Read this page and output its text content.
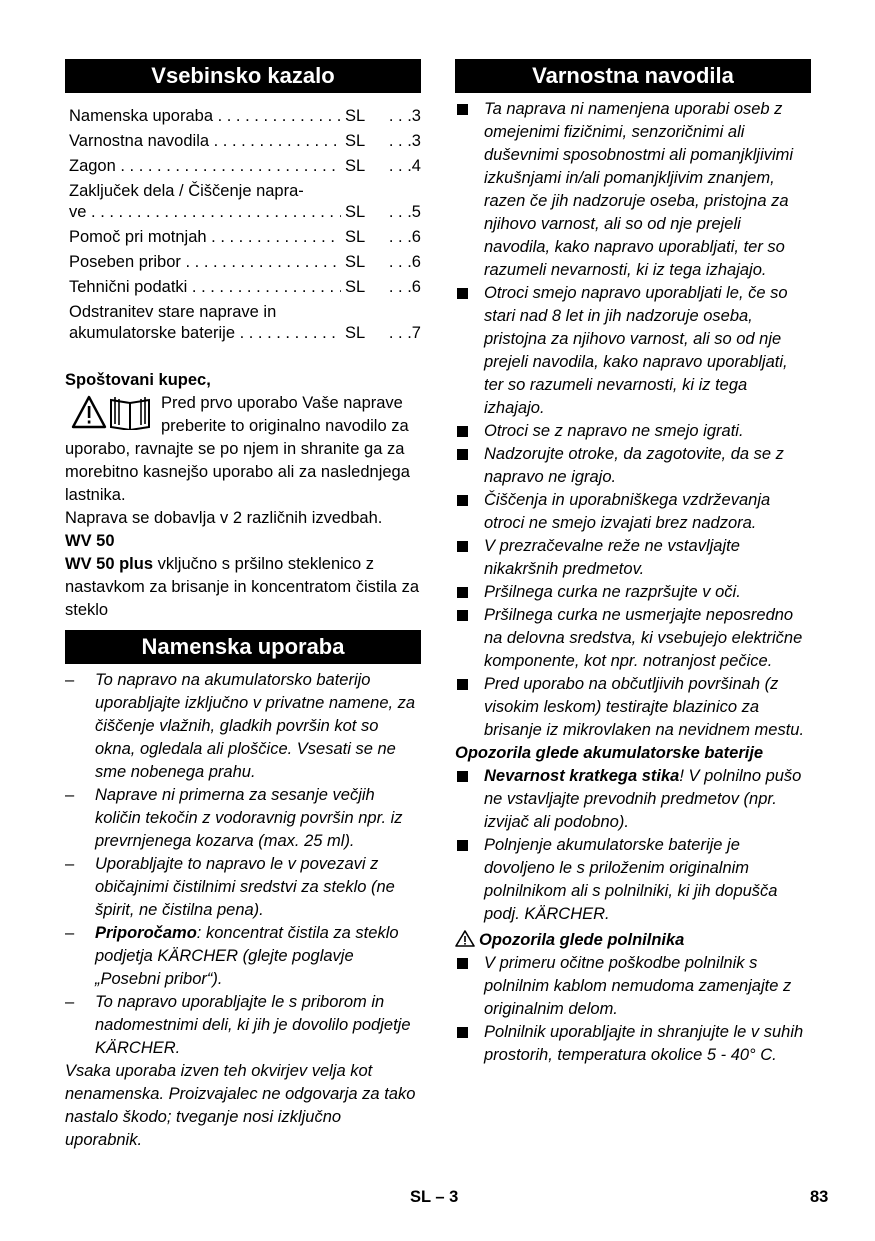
Vsebinsko kazalo
Namenska uporaba . . .	SL	. . .3
Varnostna navodila . . .	SL	. . .3
Zagon . . .	SL	. . .4
Zaključek dela / Čiščenje napra-
ve . . .	SL	. . .5
Pomoč pri motnjah . . .	SL	. . .6
Poseben pribor . . .	SL	. . .6
Tehnični podatki . . .	SL	. . .6
Odstranitev stare naprave in
akumulatorske baterije . . .	SL	. . .7

Spoštovani kupec,

Pred prvo uporabo Vaše naprave preberite to originalno navodilo za uporabo, ravnajte se po njem in shranite ga za morebitno kasnejšo uporabo ali za naslednjega lastnika.

Naprava se dobavlja v 2 različnih izvedbah.

WV 50

WV 50 plus vključno s pršilno steklenico z nastavkom za brisanje in koncentratom čistila za steklo

Namenska uporaba
– To napravo na akumulatorsko baterijo uporabljajte izključno v privatne namene, za čiščenje vlažnih, gladkih površin kot so okna, ogledala ali ploščice. Vsesati se ne sme nobenega prahu.
– Naprave ni primerna za sesanje večjih količin tekočin z vodoravnig površin npr. iz prevrnjenega kozarva (max. 25 ml).
– Uporabljajte to napravo le v povezavi z običajnimi čistilnimi sredstvi za steklo (ne špirit, ne čistilna pena).
– Priporočamo: koncentrat čistila za steklo podjetja KÄRCHER (glejte poglavje „Posebni pribor“).
– To napravo uporabljajte le s priborom in nadomestnimi deli, ki jih je dovolilo podjetje KÄRCHER.

Vsaka uporaba izven teh okvirjev velja kot nenamenska. Proizvajalec ne odgovarja za tako nastalo škodo; tveganje nosi izključno uporabnik.

Varnostna navodila
Ta naprava ni namenjena uporabi oseb z omejenimi fizičnimi, senzoričnimi ali duševnimi sposobnostmi ali pomanjkljivimi izkušnjami in/ali pomanjkljivim znanjem, razen če jih nadzoruje oseba, pristojna za njihovo varnost, ali so od nje prejeli navodila, kako napravo uporabljati, ter so razumeli nevarnosti, ki iz tega izhajajo.
Otroci smejo napravo uporabljati le, če so stari nad 8 let in jih nadzoruje oseba, pristojna za njihovo varnost, ali so od nje prejeli navodila, kako napravo uporabljati, ter so razumeli nevarnosti, ki iz tega izhajajo.
Otroci se z napravo ne smejo igrati.
Nadzorujte otroke, da zagotovite, da se z napravo ne igrajo.
Čiščenja in uporabniškega vzdrževanja otroci ne smejo izvajati brez nadzora.
V prezračevalne reže ne vstavljajte nikakršnih predmetov.
Pršilnega curka ne razpršujte v oči.
Pršilnega curka ne usmerjajte neposredno na delovna sredstva, ki vsebujejo električne komponente, kot npr. notranjost pečice.
Pred uporabo na občutljivih površinah (z visokim leskom) testirajte blazinico za brisanje iz mikrovlaken na nevidnem mestu.

Opozorila glede akumulatorske baterije

Nevarnost kratkega stika! V polnilno pušo ne vstavljajte prevodnih predmetov (npr. izvijač ali podobno).
Polnjenje akumulatorske baterije je dovoljeno le s priloženim originalnim polnilnikom ali s polnilniki, ki jih dopušča podj. KÄRCHER.

Opozorila glede polnilnika

V primeru očitne poškodbe polnilnik s polnilnim kablom nemudoma zamenjajte z originalnim delom.
Polnilnik uporabljajte in shranjujte le v suhih prostorih, temperatura okolice 5 - 40° C.
SL – 3	83
